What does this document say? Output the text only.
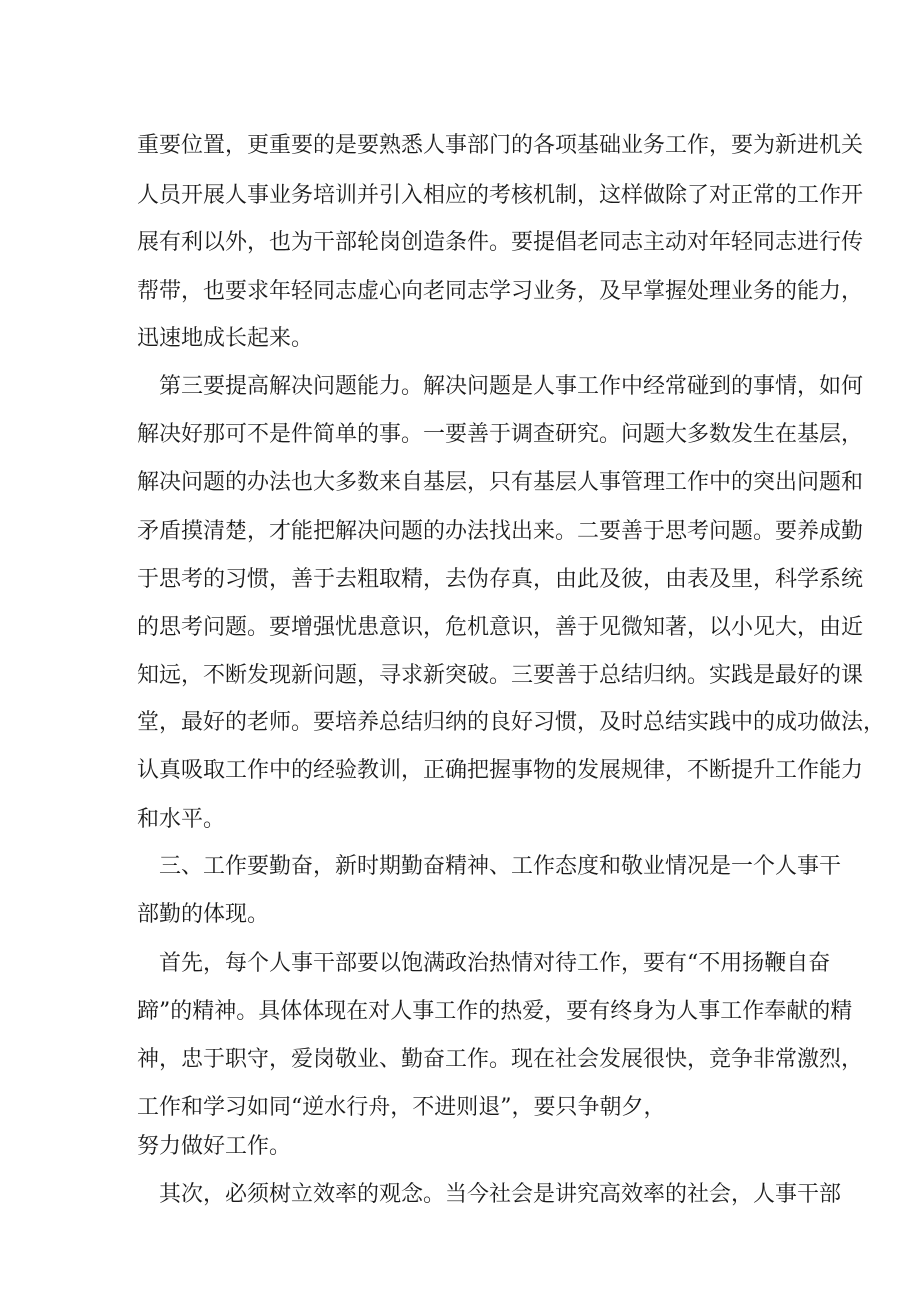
重要位置，更重要的是要熟悉人事部门的各项基础业务工作，要为新进机关
人员开展人事业务培训并引入相应的考核机制，这样做除了对正常的工作开
展有利以外，也为干部轮岗创造条件。要提倡老同志主动对年轻同志进行传
帮带，也要求年轻同志虚心向老同志学习业务，及早掌握处理业务的能力，
迅速地成长起来。
第三要提高解决问题能力。解决问题是人事工作中经常碰到的事情，如何
解决好那可不是件简单的事。一要善于调查研究。问题大多数发生在基层，
解决问题的办法也大多数来自基层，只有基层人事管理工作中的突出问题和
矛盾摸清楚，才能把解决问题的办法找出来。二要善于思考问题。要养成勤
于思考的习惯，善于去粗取精，去伪存真，由此及彼，由表及里，科学系统
的思考问题。要增强忧患意识，危机意识，善于见微知著，以小见大，由近
知远，不断发现新问题，寻求新突破。三要善于总结归纳。实践是最好的课
堂，最好的老师。要培养总结归纳的良好习惯，及时总结实践中的成功做法，
认真吸取工作中的经验教训，正确把握事物的发展规律，不断提升工作能力
和水平。
三、工作要勤奋，新时期勤奋精神、工作态度和敬业情况是一个人事干
部勤的体现。
首先，每个人事干部要以饱满政治热情对待工作，要有“不用扬鞭自奋
蹄”的精神。具体体现在对人事工作的热爱，要有终身为人事工作奉献的精
神，忠于职守，爱岗敬业、勤奋工作。现在社会发展很快，竞争非常激烈，
工作和学习如同“逆水行舟，不进则退”，要只争朝夕，
努力做好工作。
其次，必须树立效率的观念。当今社会是讲究高效率的社会，人事干部
